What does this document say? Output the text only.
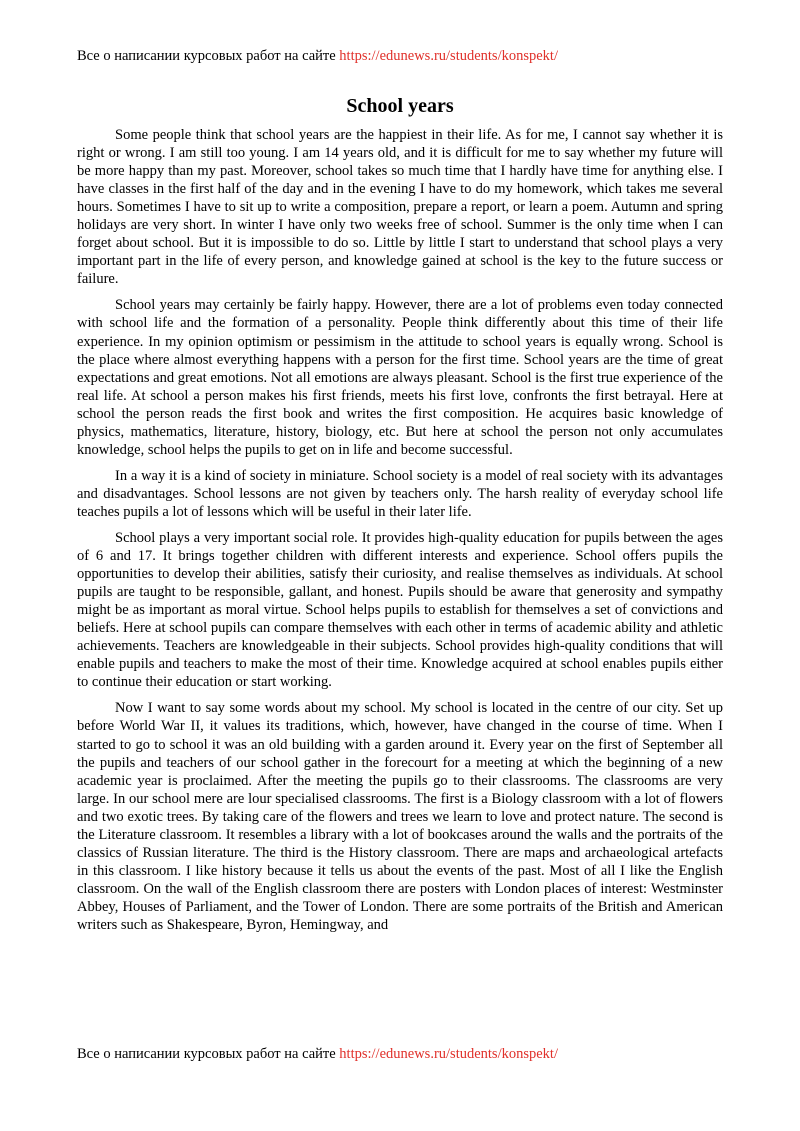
Все о написании курсовых работ на сайте https://edunews.ru/students/konspekt/
School years

Some people think that school years are the happiest in their life. As for me, I cannot say whether it is right or wrong. I am still too young. I am 14 years old, and it is difficult for me to say whether my future will be more happy than my past. Moreover, school takes so much time that I hardly have time for anything else. I have classes in the first half of the day and in the evening I have to do my homework, which takes me several hours. Sometimes I have to sit up to write a composition, prepare a report, or learn a poem. Autumn and spring holidays are very short. In winter I have only two weeks free of school. Summer is the only time when I can forget about school. But it is impossible to do so. Little by little I start to understand that school plays a very important part in the life of every person, and knowledge gained at school is the key to the future success or failure.

School years may certainly be fairly happy. However, there are a lot of problems even today connected with school life and the formation of a personality. People think differently about this time of their life experience. In my opinion optimism or pessimism in the attitude to school years is equally wrong. School is the place where almost everything happens with a person for the first time. School years are the time of great expectations and great emotions. Not all emotions are always pleasant. School is the first true experience of the real life. At school a person makes his first friends, meets his first love, confronts the first betrayal. Here at school the person reads the first book and writes the first composition. He acquires basic knowledge of physics, mathematics, literature, history, biology, etc. But here at school the person not only accumulates knowledge, school helps the pupils to get on in life and become successful.

In a way it is a kind of society in miniature. School society is a model of real society with its advantages and disadvantages. School lessons are not given by teachers only. The harsh reality of everyday school life teaches pupils a lot of lessons which will be useful in their later life.

School plays a very important social role. It provides high-quality education for pupils between the ages of 6 and 17. It brings together children with different interests and experience. School offers pupils the opportunities to develop their abilities, satisfy their curiosity, and realise themselves as individuals. At school pupils are taught to be responsible, gallant, and honest. Pupils should be aware that generosity and sympathy might be as important as moral virtue. School helps pupils to establish for themselves a set of convictions and beliefs. Here at school pupils can compare themselves with each other in terms of academic ability and athletic achievements. Teachers are knowledgeable in their subjects. School provides high-quality conditions that will enable pupils and teachers to make the most of their time. Knowledge acquired at school enables pupils either to continue their education or start working.

Now I want to say some words about my school. My school is located in the centre of our city. Set up before World War II, it values its traditions, which, however, have changed in the course of time. When I started to go to school it was an old building with a garden around it. Every year on the first of September all the pupils and teachers of our school gather in the forecourt for a meeting at which the beginning of a new academic year is proclaimed. After the meeting the pupils go to their classrooms. The classrooms are very large. In our school mere are lour specialised classrooms. The first is a Biology classroom with a lot of flowers and two exotic trees. By taking care of the flowers and trees we learn to love and protect nature. The second is the Literature classroom. It resembles a library with a lot of bookcases around the walls and the portraits of the classics of Russian literature. The third is the History classroom. There are maps and archaeological artefacts in this classroom. I like history because it tells us about the events of the past. Most of all I like the English classroom. On the wall of the English classroom there are posters with London places of interest: Westminster Abbey, Houses of Parliament, and the Tower of London. There are some portraits of the British and American writers such as Shakespeare, Byron, Hemingway, and

Все о написании курсовых работ на сайте https://edunews.ru/students/konspekt/
